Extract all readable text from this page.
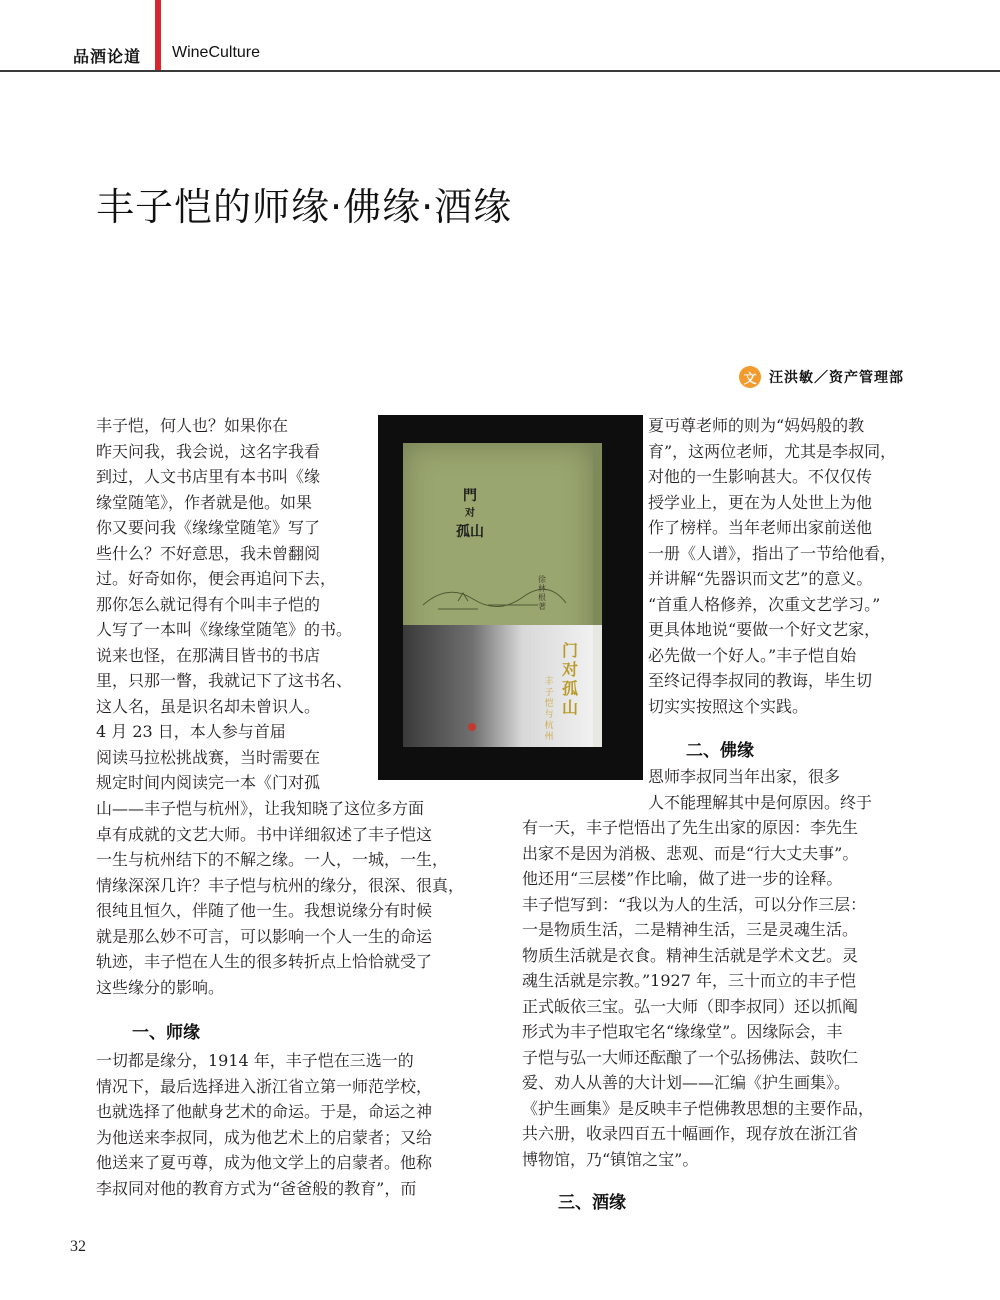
品酒论道 WineCulture
丰子恺的师缘·佛缘·酒缘
文 汪洪敏／资产管理部
丰子恺，何人也？如果你在
昨天问我，我会说，这名字我看
到过，人文书店里有本书叫《缘
缘堂随笔》，作者就是他。如果
你又要问我《缘缘堂随笔》写了
些什么？不好意思，我未曾翻阅
过。好奇如你，便会再追问下去，
那你怎么就记得有个叫丰子恺的
人写了一本叫《缘缘堂随笔》的书。
说来也怪，在那满目皆书的书店
里，只那一瞥，我就记下了这书名、
这人名，虽是识名却未曾识人。
4 月 23 日，本人参与首届
阅读马拉松挑战赛，当时需要在
规定时间内阅读完一本《门对孤
山——丰子恺与杭州》，让我知晓了这位多方面
卓有成就的文艺大师。书中详细叙述了丰子恺这
一生与杭州结下的不解之缘。一人，一城，一生，
情缘深深几许？丰子恺与杭州的缘分，很深、很真，
很纯且恒久，伴随了他一生。我想说缘分有时候
就是那么妙不可言，可以影响一个人一生的命运
轨迹，丰子恺在人生的很多转折点上恰恰就受了
这些缘分的影响。
一、师缘
一切都是缘分，1914 年，丰子恺在三选一的
情况下，最后选择进入浙江省立第一师范学校，
也就选择了他献身艺术的命运。于是，命运之神
为他送来李叔同，成为他艺术上的启蒙者；又给
他送来了夏丏尊，成为他文学上的启蒙者。他称
李叔同对他的教育方式为“爸爸般的教育”，而
門
对
孤山
徐林根 著
门对孤山
丰子恺与杭州
夏丏尊老师的则为“妈妈般的教
育”，这两位老师，尤其是李叔同，
对他的一生影响甚大。不仅仅传
授学业上，更在为人处世上为他
作了榜样。当年老师出家前送他
一册《人谱》，指出了一节给他看，
并讲解“先器识而文艺”的意义。
“首重人格修养，次重文艺学习。”
更具体地说“要做一个好文艺家，
必先做一个好人。”丰子恺自始
至终记得李叔同的教诲，毕生切
切实实按照这个实践。
二、佛缘
恩师李叔同当年出家，很多
人不能理解其中是何原因。终于
有一天，丰子恺悟出了先生出家的原因：李先生
出家不是因为消极、悲观、而是“行大丈夫事”。
他还用“三层楼”作比喻，做了进一步的诠释。
丰子恺写到：“我以为人的生活，可以分作三层：
一是物质生活，二是精神生活，三是灵魂生活。
物质生活就是衣食。精神生活就是学术文艺。灵
魂生活就是宗教。”1927 年，三十而立的丰子恺
正式皈依三宝。弘一大师（即李叔同）还以抓阄
形式为丰子恺取宅名“缘缘堂”。因缘际会，丰
子恺与弘一大师还酝酿了一个弘扬佛法、鼓吹仁
爱、劝人从善的大计划——汇编《护生画集》。
《护生画集》是反映丰子恺佛教思想的主要作品，
共六册，收录四百五十幅画作，现存放在浙江省
博物馆，乃“镇馆之宝”。
三、酒缘
32
